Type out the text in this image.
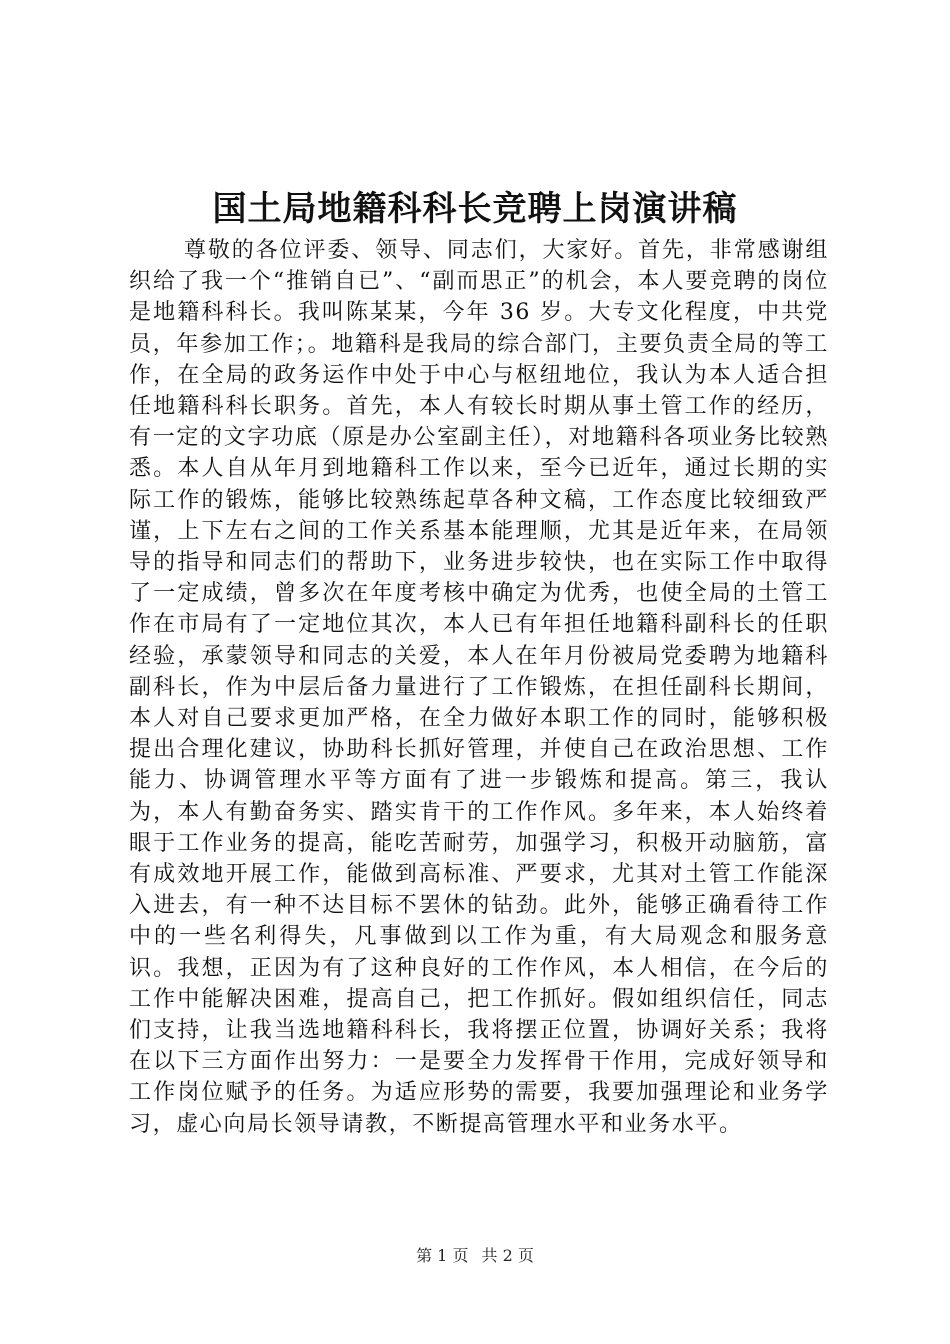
国土局地籍科科长竞聘上岗演讲稿

尊敬的各位评委、领导、同志们，大家好。首先，非常感谢组织给了我一个“推销自已”、“副而思正”的机会，本人要竞聘的岗位是地籍科科长。我叫陈某某，今年 36 岁。大专文化程度，中共党员，年参加工作；。地籍科是我局的综合部门，主要负责全局的等工作，在全局的政务运作中处于中心与枢纽地位，我认为本人适合担任地籍科科长职务。首先，本人有较长时期从事土管工作的经历，有一定的文字功底（原是办公室副主任），对地籍科各项业务比较熟悉。本人自从年月到地籍科工作以来，至今已近年，通过长期的实际工作的锻炼，能够比较熟练起草各种文稿，工作态度比较细致严谨，上下左右之间的工作关系基本能理顺，尤其是近年来，在局领导的指导和同志们的帮助下，业务进步较快，也在实际工作中取得了一定成绩，曾多次在年度考核中确定为优秀，也使全局的土管工作在市局有了一定地位其次，本人已有年担任地籍科副科长的任职经验，承蒙领导和同志的关爱，本人在年月份被局党委聘为地籍科副科长，作为中层后备力量进行了工作锻炼，在担任副科长期间，本人对自己要求更加严格，在全力做好本职工作的同时，能够积极提出合理化建议，协助科长抓好管理，并使自己在政治思想、工作能力、协调管理水平等方面有了进一步锻炼和提高。第三，我认为，本人有勤奋务实、踏实肯干的工作作风。多年来，本人始终着眼于工作业务的提高，能吃苦耐劳，加强学习，积极开动脑筋，富有成效地开展工作，能做到高标准、严要求，尤其对土管工作能深入进去，有一种不达目标不罢休的钻劲。此外，能够正确看待工作中的一些名利得失，凡事做到以工作为重，有大局观念和服务意识。我想，正因为有了这种良好的工作作风，本人相信，在今后的工作中能解决困难，提高自己，把工作抓好。假如组织信任，同志们支持，让我当选地籍科科长，我将摆正位置，协调好关系；我将在以下三方面作出努力：一是要全力发挥骨干作用，完成好领导和工作岗位赋予的任务。为适应形势的需要，我要加强理论和业务学习，虚心向局长领导请教，不断提高管理水平和业务水平。

第 1 页 共 2 页
